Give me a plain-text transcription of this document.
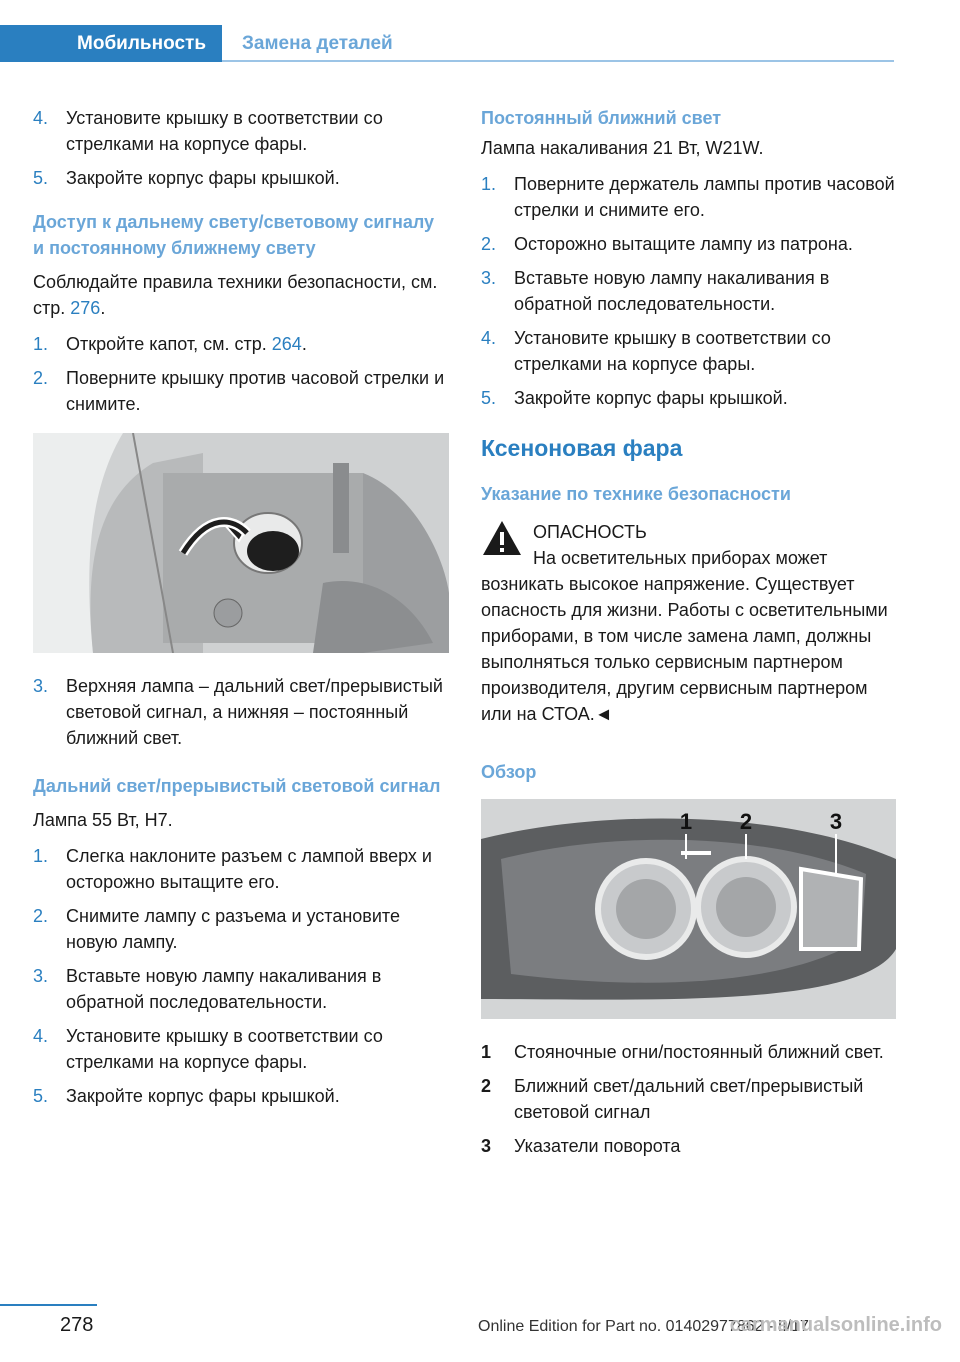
Мобильность	Замена деталей
4. Установите крышку в соответствии со стрелками на корпусе фары.
5. Закройте корпус фары крышкой.
Доступ к дальнему свету/световому сигналу и постоянному ближнему свету

Соблюдайте правила техники безопасности, см. стр. 276.

1. Откройте капот, см. стр. 264.
2. Поверните крышку против часовой стрелки и снимите.
3. Верхняя лампа – дальний свет/прерывистый световой сигнал, а нижняя – постоянный ближний свет.
Дальний свет/прерывистый световой сигнал

Лампа 55 Вт, H7.

1. Слегка наклоните разъем с лампой вверх и осторожно вытащите его.
2. Снимите лампу с разъема и установите новую лампу.
3. Вставьте новую лампу накаливания в обратной последовательности.
4. Установите крышку в соответствии со стрелками на корпусе фары.
5. Закройте корпус фары крышкой.
Постоянный ближний свет

Лампа накаливания 21 Вт, W21W.

1. Поверните держатель лампы против часовой стрелки и снимите его.
2. Осторожно вытащите лампу из патрона.
3. Вставьте новую лампу накаливания в обратной последовательности.
4. Установите крышку в соответствии со стрелками на корпусе фары.
5. Закройте корпус фары крышкой.
Ксеноновая фара
Указание по технике безопасности
ОПАСНОСТЬ
На осветительных приборах может возникать высокое напряжение. Существует опасность для жизни. Работы с осветительными приборами, в том числе замена ламп, должны выполняться только сервисным партнером производителя, другим сервисным партнером или на СТОА.◄
Обзор
1 2	3
1 Стояночные огни/постоянный ближний свет.
2 Ближний свет/дальний свет/прерывистый световой сигнал
3 Указатели поворота
278	Online Edition for Part no. 01402977862 - II/17
carmanualsonline.info
